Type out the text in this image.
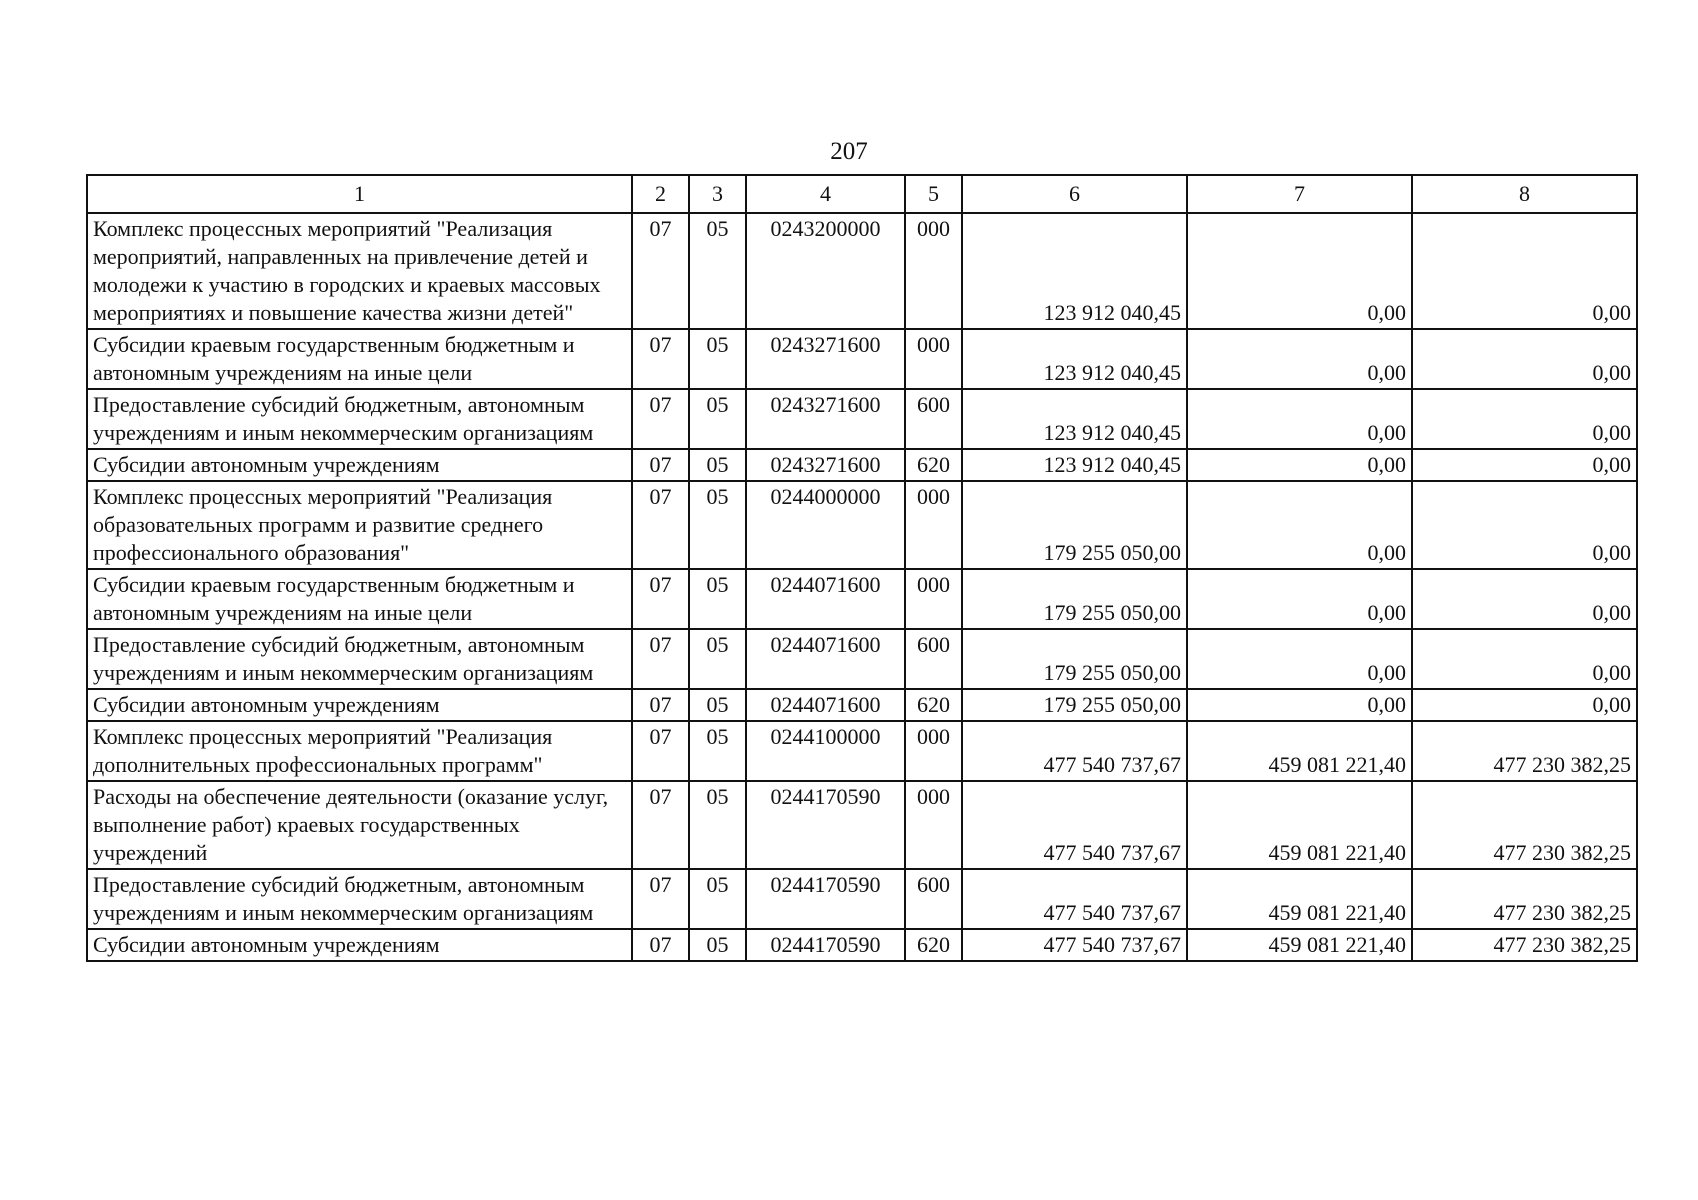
207
1	2	3	4	5	6	7	8
Комплекс процессных мероприятий "Реализация мероприятий, направленных на привлечение детей и молодежи к участию в городских и краевых массовых мероприятиях и повышение качества жизни детей"	07	05	0243200000	000	123 912 040,45	0,00	0,00
Субсидии краевым государственным бюджетным и автономным учреждениям на иные цели	07	05	0243271600	000	123 912 040,45	0,00	0,00
Предоставление субсидий бюджетным, автономным учреждениям и иным некоммерческим организациям	07	05	0243271600	600	123 912 040,45	0,00	0,00
Субсидии автономным учреждениям	07	05	0243271600	620	123 912 040,45	0,00	0,00
Комплекс процессных мероприятий "Реализация образовательных программ и развитие среднего профессионального образования"	07	05	0244000000	000	179 255 050,00	0,00	0,00
Субсидии краевым государственным бюджетным и автономным учреждениям на иные цели	07	05	0244071600	000	179 255 050,00	0,00	0,00
Предоставление субсидий бюджетным, автономным учреждениям и иным некоммерческим организациям	07	05	0244071600	600	179 255 050,00	0,00	0,00
Субсидии автономным учреждениям	07	05	0244071600	620	179 255 050,00	0,00	0,00
Комплекс процессных мероприятий "Реализация дополнительных профессиональных программ"	07	05	0244100000	000	477 540 737,67	459 081 221,40	477 230 382,25
Расходы на обеспечение деятельности (оказание услуг, выполнение работ) краевых государственных учреждений	07	05	0244170590	000	477 540 737,67	459 081 221,40	477 230 382,25
Предоставление субсидий бюджетным, автономным учреждениям и иным некоммерческим организациям	07	05	0244170590	600	477 540 737,67	459 081 221,40	477 230 382,25
Субсидии автономным учреждениям	07	05	0244170590	620	477 540 737,67	459 081 221,40	477 230 382,25
